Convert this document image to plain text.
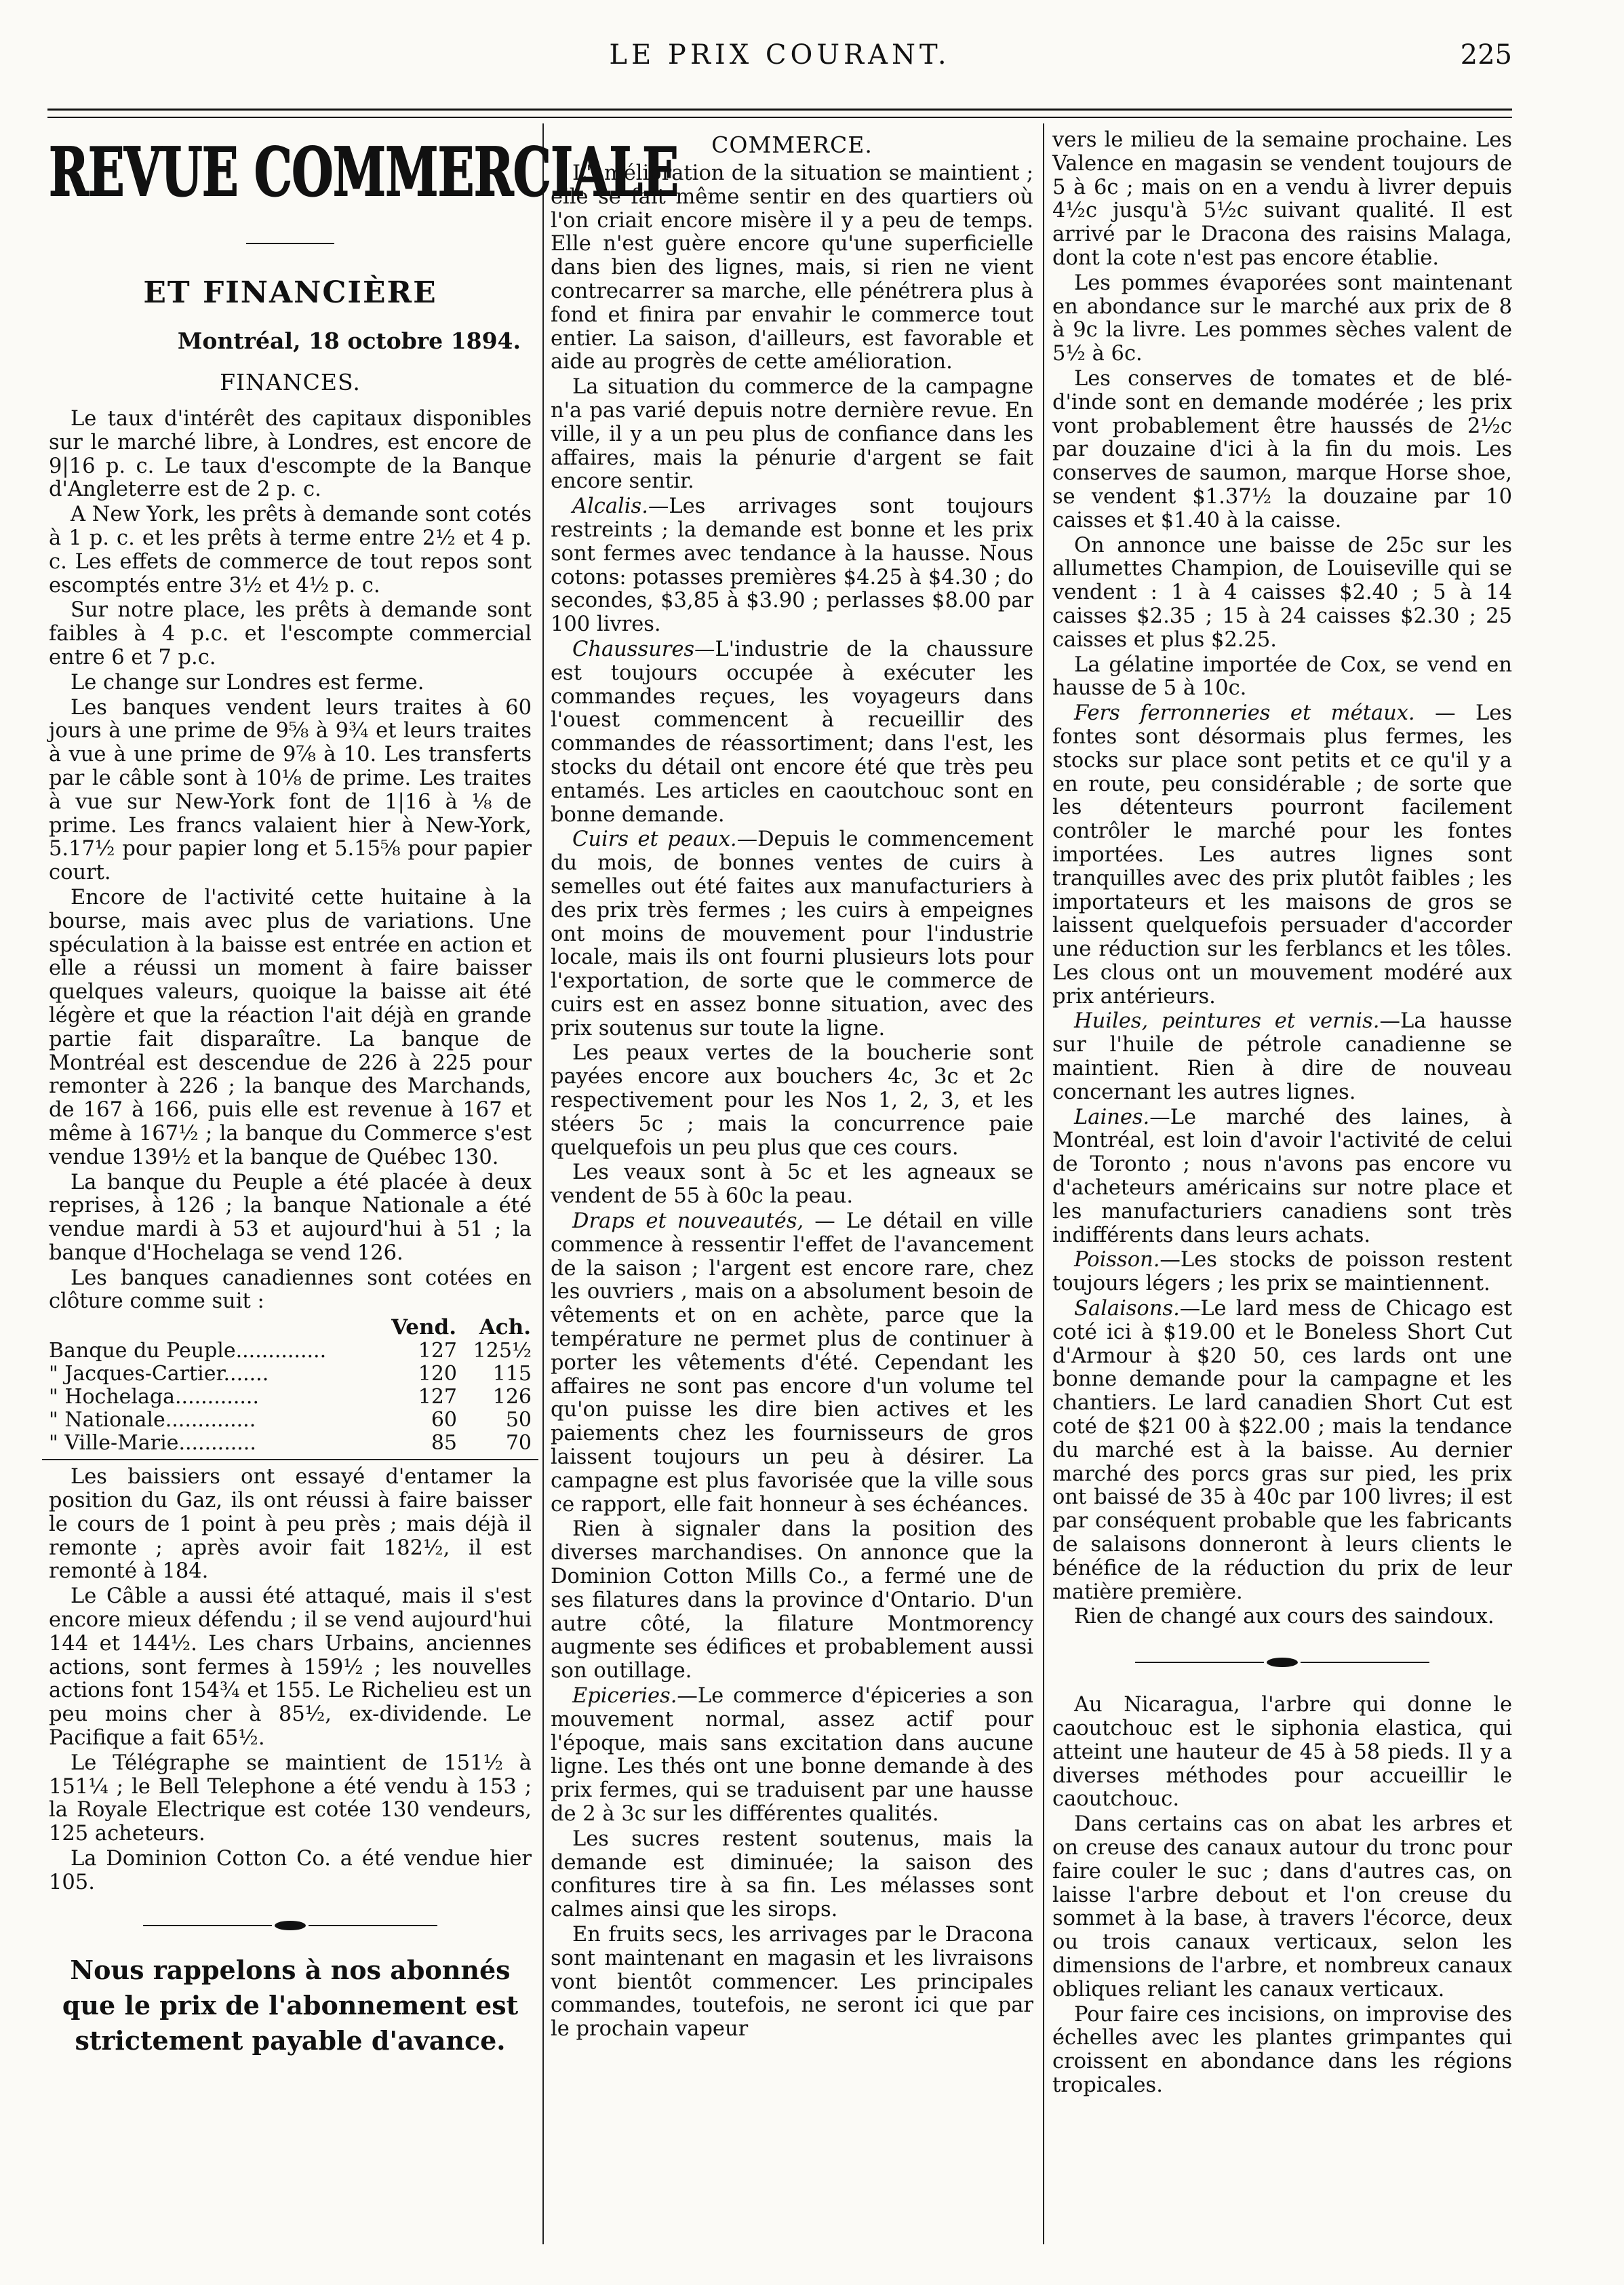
LE PRIX COURANT.	225
REVUE COMMERCIALE
ET FINANCIÈRE
Montréal, 18 octobre 1894.
FINANCES.

Le taux d'intérêt des capitaux disponibles sur le marché libre, à Londres, est encore de 9|16 p. c. Le taux d'escompte de la Banque d'Angleterre est de 2 p. c.

A New York, les prêts à demande sont cotés à 1 p. c. et les prêts à terme entre 2½ et 4 p. c. Les effets de commerce de tout repos sont escomptés entre 3½ et 4½ p. c.

Sur notre place, les prêts à demande sont faibles à 4 p.c. et l'escompte commercial entre 6 et 7 p.c.

Le change sur Londres est ferme.

Les banques vendent leurs traites à 60 jours à une prime de 9⅝ à 9¾ et leurs traites à vue à une prime de 9⅞ à 10. Les transferts par le câble sont à 10⅛ de prime. Les traites à vue sur New-York font de 1|16 à ⅛ de prime. Les francs valaient hier à New-York, 5.17½ pour papier long et 5.15⅝ pour papier court.

Encore de l'activité cette huitaine à la bourse, mais avec plus de variations. Une spéculation à la baisse est entrée en action et elle a réussi un moment à faire baisser quelques valeurs, quoique la baisse ait été légère et que la réaction l'ait déjà en grande partie fait disparaître. La banque de Montréal est descendue de 226 à 225 pour remonter à 226 ; la banque des Marchands, de 167 à 166, puis elle est revenue à 167 et même à 167½ ; la banque du Commerce s'est vendue 139½ et la banque de Québec 130.

La banque du Peuple a été placée à deux reprises, à 126 ; la banque Nationale a été vendue mardi à 53 et aujourd'hui à 51 ; la banque d'Hochelaga se vend 126.

Les banques canadiennes sont cotées en clôture comme suit :

	Vend.	Ach.
Banque du Peuple..............	127	125½
" Jacques-Cartier.......	120	115
" Hochelaga.............	127	126
" Nationale..............	60	50
" Ville-Marie............	85	70

Les baissiers ont essayé d'entamer la position du Gaz, ils ont réussi à faire baisser le cours de 1 point à peu près ; mais déjà il remonte ; après avoir fait 182½, il est remonté à 184.

Le Câble a aussi été attaqué, mais il s'est encore mieux défendu ; il se vend aujourd'hui 144 et 144½. Les chars Urbains, anciennes actions, sont fermes à 159½ ; les nouvelles actions font 154¾ et 155. Le Richelieu est un peu moins cher à 85½, ex-dividende. Le Pacifique a fait 65½.

Le Télégraphe se maintient de 151½ à 151¼ ; le Bell Telephone a été vendu à 153 ; la Royale Electrique est cotée 130 vendeurs, 125 acheteurs.

La Dominion Cotton Co. a été vendue hier 105.

Nous rappelons à nos abonnés que le prix de l'abonnement est strictement payable d'avance.
COMMERCE.

L'amélioration de la situation se maintient ; elle se fait même sentir en des quartiers où l'on criait encore misère il y a peu de temps. Elle n'est guère encore qu'une superficielle dans bien des lignes, mais, si rien ne vient contrecarrer sa marche, elle pénétrera plus à fond et finira par envahir le commerce tout entier. La saison, d'ailleurs, est favorable et aide au progrès de cette amélioration.

La situation du commerce de la campagne n'a pas varié depuis notre dernière revue. En ville, il y a un peu plus de confiance dans les affaires, mais la pénurie d'argent se fait encore sentir.

Alcalis.—Les arrivages sont toujours restreints ; la demande est bonne et les prix sont fermes avec tendance à la hausse. Nous cotons: potasses premières $4.25 à $4.30 ; do secondes, $3,85 à $3.90 ; perlasses $8.00 par 100 livres.

Chaussures—L'industrie de la chaussure est toujours occupée à exécuter les commandes reçues, les voyageurs dans l'ouest commencent à recueillir des commandes de réassortiment; dans l'est, les stocks du détail ont encore été que très peu entamés. Les articles en caoutchouc sont en bonne demande.

Cuirs et peaux.—Depuis le commencement du mois, de bonnes ventes de cuirs à semelles out été faites aux manufacturiers à des prix très fermes ; les cuirs à empeignes ont moins de mouvement pour l'industrie locale, mais ils ont fourni plusieurs lots pour l'exportation, de sorte que le commerce de cuirs est en assez bonne situation, avec des prix soutenus sur toute la ligne.

Les peaux vertes de la boucherie sont payées encore aux bouchers 4c, 3c et 2c respectivement pour les Nos 1, 2, 3, et les stéers 5c ; mais la concurrence paie quelquefois un peu plus que ces cours.

Les veaux sont à 5c et les agneaux se vendent de 55 à 60c la peau.

Draps et nouveautés, — Le détail en ville commence à ressentir l'effet de l'avancement de la saison ; l'argent est encore rare, chez les ouvriers , mais on a absolument besoin de vêtements et on en achète, parce que la température ne permet plus de continuer à porter les vêtements d'été. Cependant les affaires ne sont pas encore d'un volume tel qu'on puisse les dire bien actives et les paiements chez les fournisseurs de gros laissent toujours un peu à désirer. La campagne est plus favorisée que la ville sous ce rapport, elle fait honneur à ses échéances.

Rien à signaler dans la position des diverses marchandises. On annonce que la Dominion Cotton Mills Co., a fermé une de ses filatures dans la province d'Ontario. D'un autre côté, la filature Montmorency augmente ses édifices et probablement aussi son outillage.

Epiceries.—Le commerce d'épiceries a son mouvement normal, assez actif pour l'époque, mais sans excitation dans aucune ligne. Les thés ont une bonne demande à des prix fermes, qui se traduisent par une hausse de 2 à 3c sur les différentes qualités.

Les sucres restent soutenus, mais la demande est diminuée; la saison des confitures tire à sa fin. Les mélasses sont calmes ainsi que les sirops.

En fruits secs, les arrivages par le Dracona sont maintenant en magasin et les livraisons vont bientôt commencer. Les principales commandes, toutefois, ne seront ici que par le prochain vapeur

vers le milieu de la semaine prochaine. Les Valence en magasin se vendent toujours de 5 à 6c ; mais on en a vendu à livrer depuis 4½c jusqu'à 5½c suivant qualité. Il est arrivé par le Dracona des raisins Malaga, dont la cote n'est pas encore établie.

Les pommes évaporées sont maintenant en abondance sur le marché aux prix de 8 à 9c la livre. Les pommes sèches valent de 5½ à 6c.

Les conserves de tomates et de blé-d'inde sont en demande modérée ; les prix vont probablement être haussés de 2½c par douzaine d'ici à la fin du mois. Les conserves de saumon, marque Horse shoe, se vendent $1.37½ la douzaine par 10 caisses et $1.40 à la caisse.

On annonce une baisse de 25c sur les allumettes Champion, de Louiseville qui se vendent : 1 à 4 caisses $2.40 ; 5 à 14 caisses $2.35 ; 15 à 24 caisses $2.30 ; 25 caisses et plus $2.25.

La gélatine importée de Cox, se vend en hausse de 5 à 10c.

Fers ferronneries et métaux. — Les fontes sont désormais plus fermes, les stocks sur place sont petits et ce qu'il y a en route, peu considérable ; de sorte que les détenteurs pourront facilement contrôler le marché pour les fontes importées. Les autres lignes sont tranquilles avec des prix plutôt faibles ; les importateurs et les maisons de gros se laissent quelquefois persuader d'accorder une réduction sur les ferblancs et les tôles. Les clous ont un mouvement modéré aux prix antérieurs.

Huiles, peintures et vernis.—La hausse sur l'huile de pétrole canadienne se maintient. Rien à dire de nouveau concernant les autres lignes.

Laines.—Le marché des laines, à Montréal, est loin d'avoir l'activité de celui de Toronto ; nous n'avons pas encore vu d'acheteurs américains sur notre place et les manufacturiers canadiens sont très indifférents dans leurs achats.

Poisson.—Les stocks de poisson restent toujours légers ; les prix se maintiennent.

Salaisons.—Le lard mess de Chicago est coté ici à $19.00 et le Boneless Short Cut d'Armour à $20 50, ces lards ont une bonne demande pour la campagne et les chantiers. Le lard canadien Short Cut est coté de $21 00 à $22.00 ; mais la tendance du marché est à la baisse. Au dernier marché des porcs gras sur pied, les prix ont baissé de 35 à 40c par 100 livres; il est par conséquent probable que les fabricants de salaisons donneront à leurs clients le bénéfice de la réduction du prix de leur matière première.

Rien de changé aux cours des saindoux.

Au Nicaragua, l'arbre qui donne le caoutchouc est le siphonia elastica, qui atteint une hauteur de 45 à 58 pieds. Il y a diverses méthodes pour accueillir le caoutchouc.

Dans certains cas on abat les arbres et on creuse des canaux autour du tronc pour faire couler le suc ; dans d'autres cas, on laisse l'arbre debout et l'on creuse du sommet à la base, à travers l'écorce, deux ou trois canaux verticaux, selon les dimensions de l'arbre, et nombreux canaux obliques reliant les canaux verticaux.

Pour faire ces incisions, on improvise des échelles avec les plantes grimpantes qui croissent en abondance dans les régions tropicales.
